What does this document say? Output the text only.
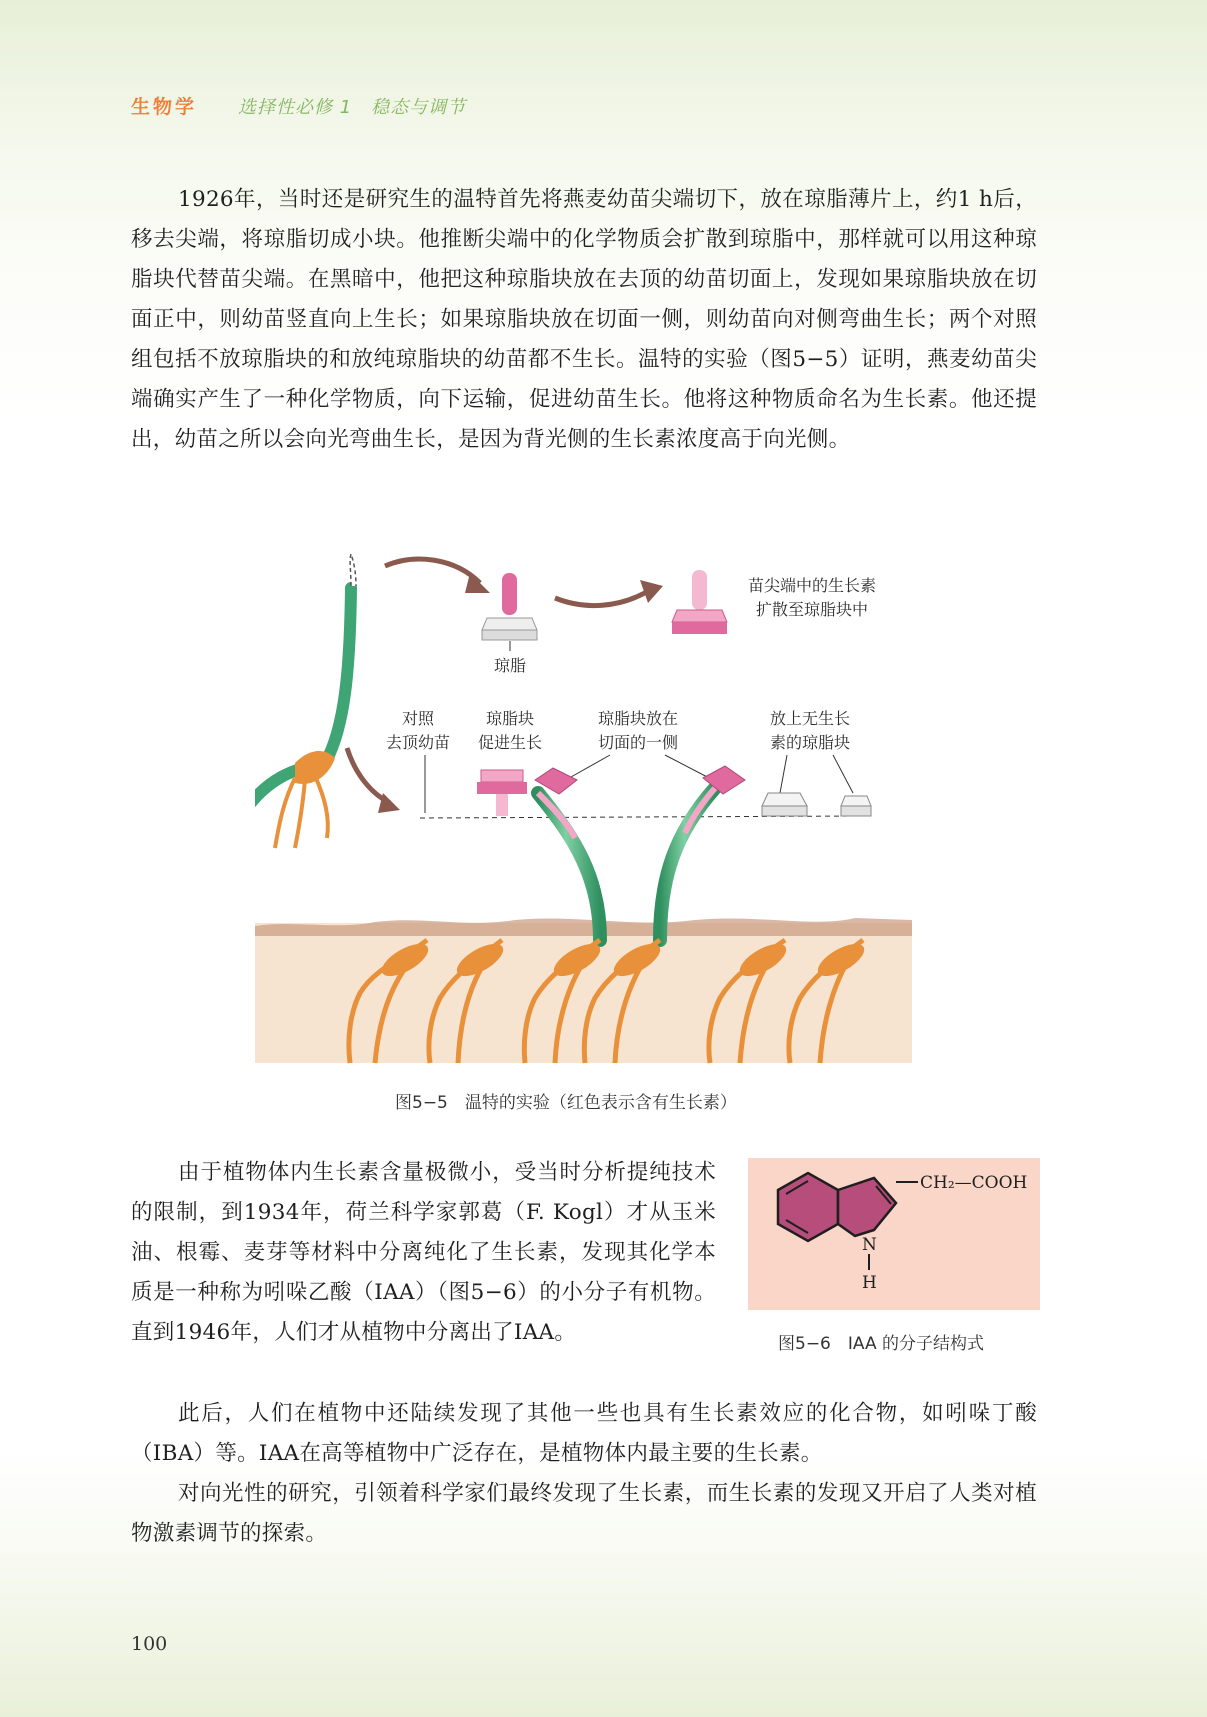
生物学 选择性必修 1　稳态与调节

1926年，当时还是研究生的温特首先将燕麦幼苗尖端切下，放在琼脂薄片上，约1 h后，移去尖端，将琼脂切成小块。他推断尖端中的化学物质会扩散到琼脂中，那样就可以用这种琼脂块代替苗尖端。在黑暗中，他把这种琼脂块放在去顶的幼苗切面上，发现如果琼脂块放在切面正中，则幼苗竖直向上生长；如果琼脂块放在切面一侧，则幼苗向对侧弯曲生长；两个对照组包括不放琼脂块的和放纯琼脂块的幼苗都不生长。温特的实验（图5−5）证明，燕麦幼苗尖端确实产生了一种化学物质，向下运输，促进幼苗生长。他将这种物质命名为生长素。他还提出，幼苗之所以会向光弯曲生长，是因为背光侧的生长素浓度高于向光侧。

琼脂
苗尖端中的生长素
扩散至琼脂块中
对照
去顶幼苗
琼脂块
促进生长
琼脂块放在
切面的一侧
放上无生长
素的琼脂块
图5−5　温特的实验（红色表示含有生长素）

由于植物体内生长素含量极微小，受当时分析提纯技术的限制，到1934年，荷兰科学家郭葛（F. Kogl）才从玉米油、根霉、麦芽等材料中分离纯化了生长素，发现其化学本质是一种称为吲哚乙酸（IAA）（图5−6）的小分子有机物。直到1946年，人们才从植物中分离出了IAA。

CH₂—COOH
N
H
图5−6　IAA 的分子结构式

此后，人们在植物中还陆续发现了其他一些也具有生长素效应的化合物，如吲哚丁酸（IBA）等。IAA在高等植物中广泛存在，是植物体内最主要的生长素。

对向光性的研究，引领着科学家们最终发现了生长素，而生长素的发现又开启了人类对植物激素调节的探索。

100
